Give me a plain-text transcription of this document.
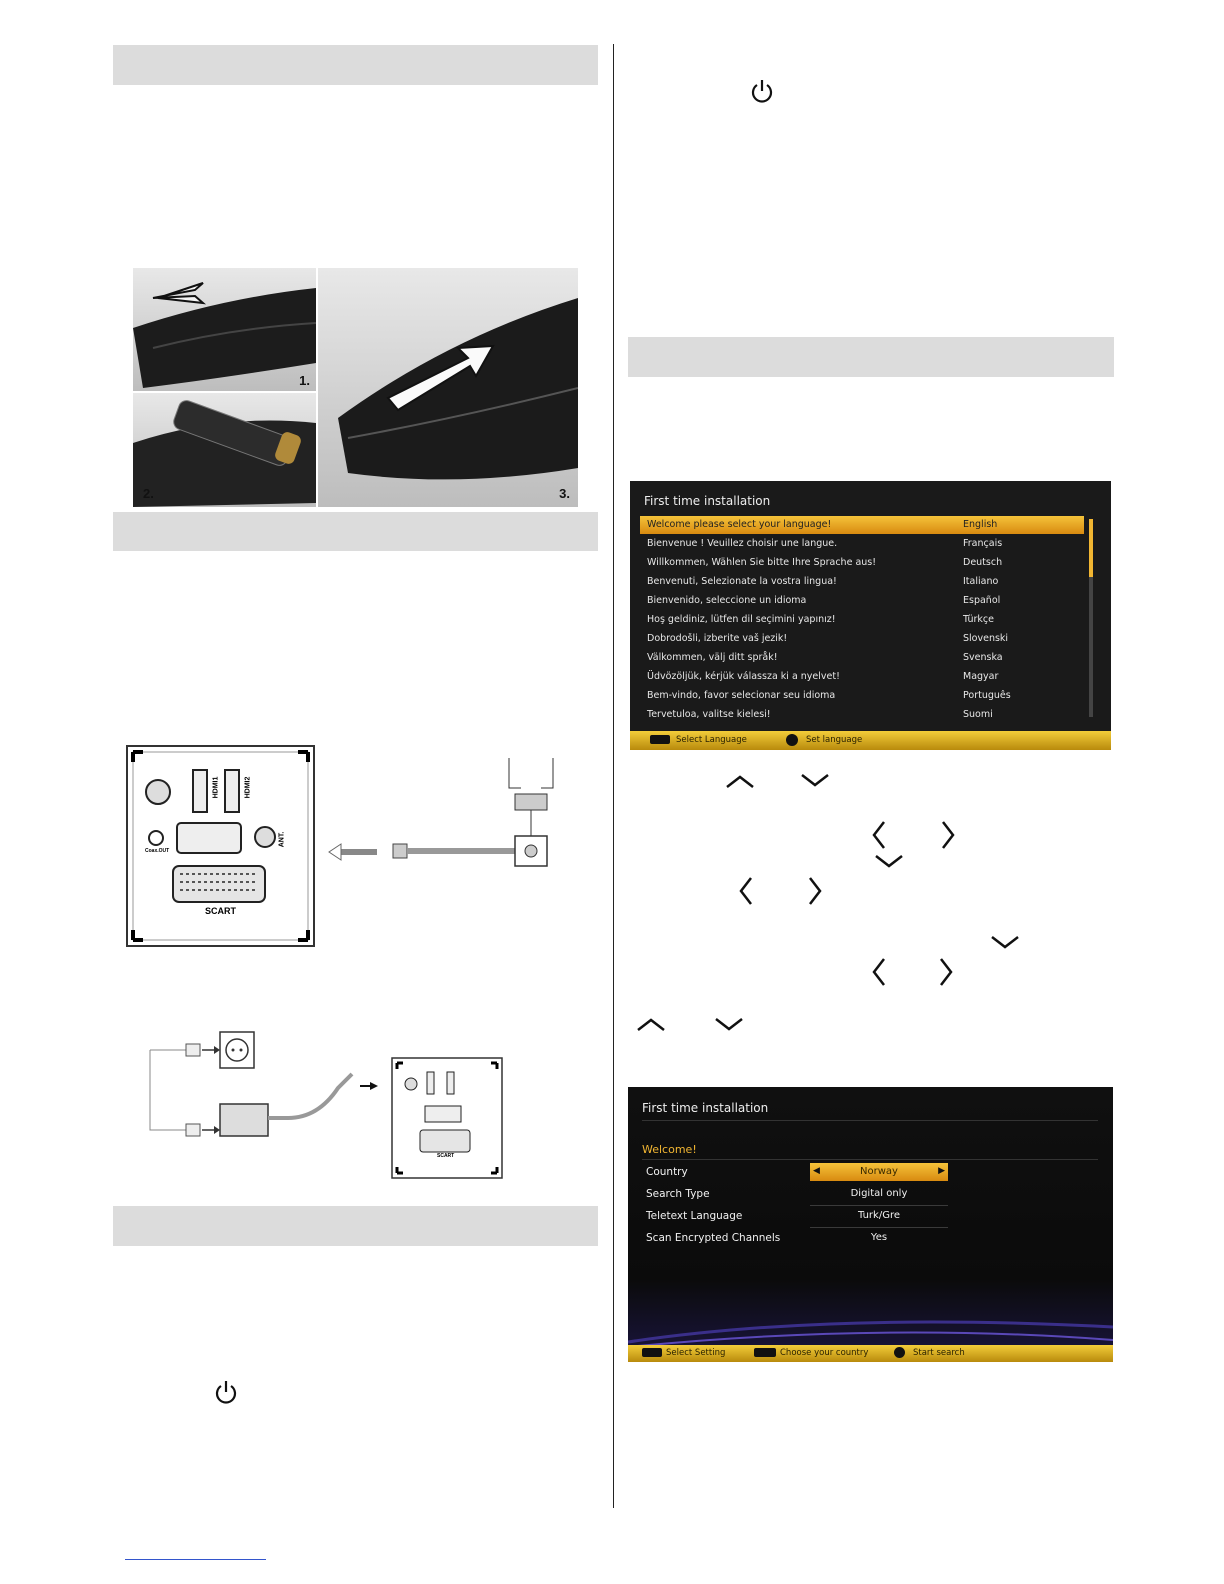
1.
2.	3.
HDMI1	HDMI2
ANT.
Coax.OUT
SCART
SCART
First time installation
Welcome please select your language!	English
Bienvenue ! Veuillez choisir une langue.	Français
Willkommen, Wählen Sie bitte Ihre Sprache aus!	Deutsch
Benvenuti, Selezionate la vostra lingua!	Italiano
Bienvenido, seleccione un idioma	Español
Hoş geldiniz, lütfen dil seçimini yapınız!	Türkçe
Dobrodošli, izberite vaš jezik!	Slovenski
Välkommen, välj ditt språk!	Svenska
Üdvözöljük, kérjük válassza ki a nyelvet!	Magyar
Bem-vindo, favor selecionar seu idioma	Português
Tervetuloa, valitse kielesi!	Suomi
Select Language	Set language
First time installation
Welcome!
Country	◀	Norway	▶
Search Type	Digital only
Teletext Language	Turk/Gre
Scan Encrypted Channels	Yes
Select Setting	Choose your country	Start search
